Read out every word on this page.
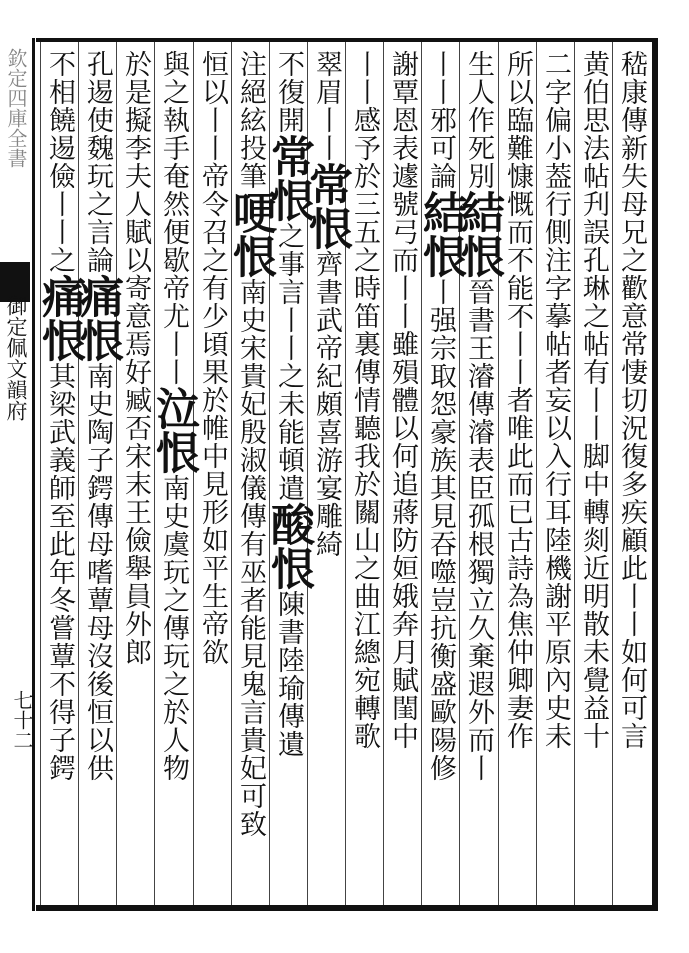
欽定四庫全書
御定佩文韻府
七十二
嵇康傳新失母兄之歡意常悽切況復多疾顧此丨丨如何可言
黄伯思法帖刋誤孔琳之帖有丨丨脚中轉剡近明散未覺益十
二字偏小葢行側注字摹帖者妄以入行耳陸機謝平原內史未
所以臨難慷慨而不能不丨丨者唯此而已古詩為焦仲卿妻作
生人作死別結恨晉書王濬傳濬表臣孤根獨立久棄遐外而丨
丨丨邪可論結恨丨强宗取怨豪族其見吞噬豈抗衡盛歐陽修
謝覃恩表遽號弓而丨丨雖殞體以何追蔣防姮娥奔月賦閨中
丨丨感予於三五之時笛裏傳情聽我於關山之曲江總宛轉歌
翠眉丨丨常恨齊書武帝紀頗喜游宴雕綺
不復開常恨之事言丨丨之未能頓遣酸恨陳書陸瑜傳遺
注絕絃投筆哽恨南史宋貴妃殷淑儀傳有巫者能見鬼言貴妃可致
恒以丨丨帝令召之有少頃果於帷中見形如平生帝欲
與之執手奄然便歇帝尤丨丨泣恨南史虞玩之傳玩之於人物
於是擬李夫人賦以寄意焉好臧否宋末王儉舉員外郎
孔逷使魏玩之言論痛恨南史陶子鍔傳母嗜蕈母沒後恒以供
不相饒逷儉丨丨之痛恨其梁武義師至此年冬嘗蕈不得子鍔
